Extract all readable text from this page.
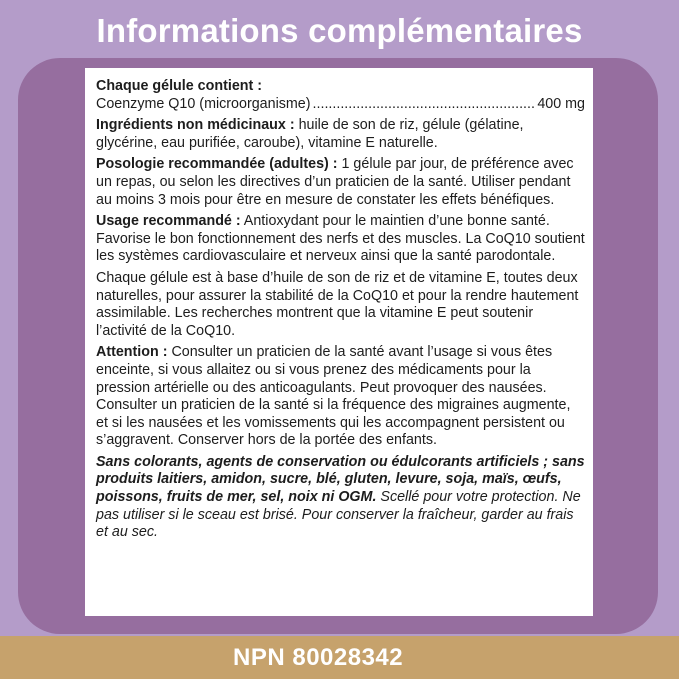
Informations complémentaires

Chaque gélule contient :
Coenzyme Q10 (microorganisme)
.....	400 mg

Ingrédients non médicinaux : huile de son de riz, gélule (gélatine, glycérine, eau purifiée, caroube), vitamine E naturelle.

Posologie recommandée (adultes) : 1 gélule par jour, de préférence avec un repas, ou selon les directives d’un praticien de la santé. Utiliser pendant au moins 3 mois pour être en mesure de constater les effets bénéfiques.

Usage recommandé : Antioxydant pour le maintien d’une bonne santé. Favorise le bon fonctionnement des nerfs et des muscles. La CoQ10 soutient les systèmes cardiovasculaire et nerveux ainsi que la santé parodontale.

Chaque gélule est à base d’huile de son de riz et de vitamine E, toutes deux naturelles, pour assurer la stabilité de la CoQ10 et pour la rendre hautement assimilable. Les recherches montrent que la vitamine E peut soutenir l’activité de la CoQ10.

Attention : Consulter un praticien de la santé avant l’usage si vous êtes enceinte, si vous allaitez ou si vous prenez des médicaments pour la pression artérielle ou des anticoagulants. Peut provoquer des nausées. Consulter un praticien de la santé si la fréquence des migraines augmente, et si les nausées et les vomissements qui les accompagnent persistent ou s’aggravent. Conserver hors de la portée des enfants.

Sans colorants, agents de conservation ou édulcorants artificiels ; sans produits laitiers, amidon, sucre, blé, gluten, levure, soja, maïs, œufs, poissons, fruits de mer, sel, noix ni OGM. Scellé pour votre protection. Ne pas utiliser si le sceau est brisé. Pour conserver la fraîcheur, garder au frais et au sec.

NPN 80028342
